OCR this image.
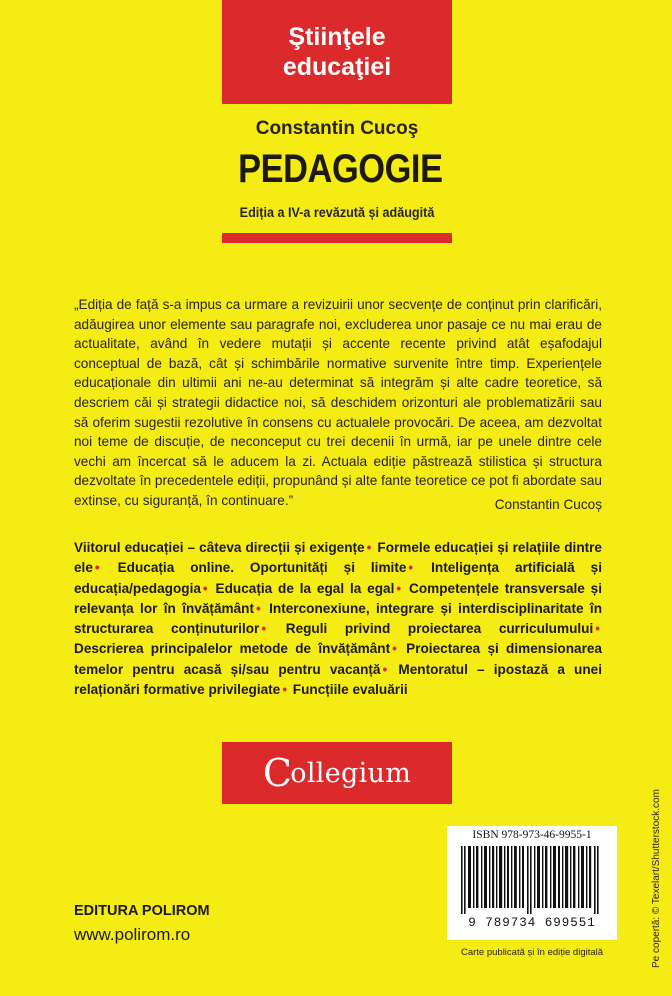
Ştiinţele
educaţiei
Constantin Cucoş
PEDAGOGIE
Ediția a IV-a revăzută și adăugită
„Ediția de față s-a impus ca urmare a revizuirii unor secvențe de conținut prin clarificări, adăugirea unor elemente sau paragrafe noi, excluderea unor pasaje ce nu mai erau de actualitate, având în vedere mutații și accente recente privind atât eșafodajul conceptual de bază, cât și schimbările normative survenite între timp. Experiențele educaționale din ultimii ani ne-au determinat să integrăm și alte cadre teoretice, să descriem căi și strategii didactice noi, să deschidem orizonturi ale problematizării sau să oferim sugestii rezolutive în consens cu actualele provocări. De aceea, am dezvoltat noi teme de discuție, de neconceput cu trei decenii în urmă, iar pe unele dintre cele vechi am încercat să le aducem la zi. Actuala ediție păstrează stilistica și structura dezvoltate în precedentele ediții, propunând și alte fante teoretice ce pot fi abordate sau extinse, cu siguranță, în continuare.”	Constantin Cucoș
Viitorul educației – câteva direcții și exigențe • Formele educației și relațiile dintre ele • Educația online. Oportunități și limite • Inteligența artificială și educația/pedagogia • Educația de la egal la egal • Competențele transversale și relevanța lor în învățământ • Interconexiune, integrare și interdisciplinaritate în structurarea conținuturilor • Reguli privind proiectarea curriculumului • Descrierea principalelor metode de învățământ • Proiectarea și dimensionarea temelor pentru acasă și/sau pentru vacanță • Mentoratul – ipostază a unei relaționări formative privilegiate • Funcțiile evaluării
C
ollegium
EDITURA POLIROM
www.polirom.ro
ISBN 978-973-46-9955-1
9 789734 699551
Carte publicată și în ediție digitală	Pe copertă: © Texelart/Shutterstock.com
